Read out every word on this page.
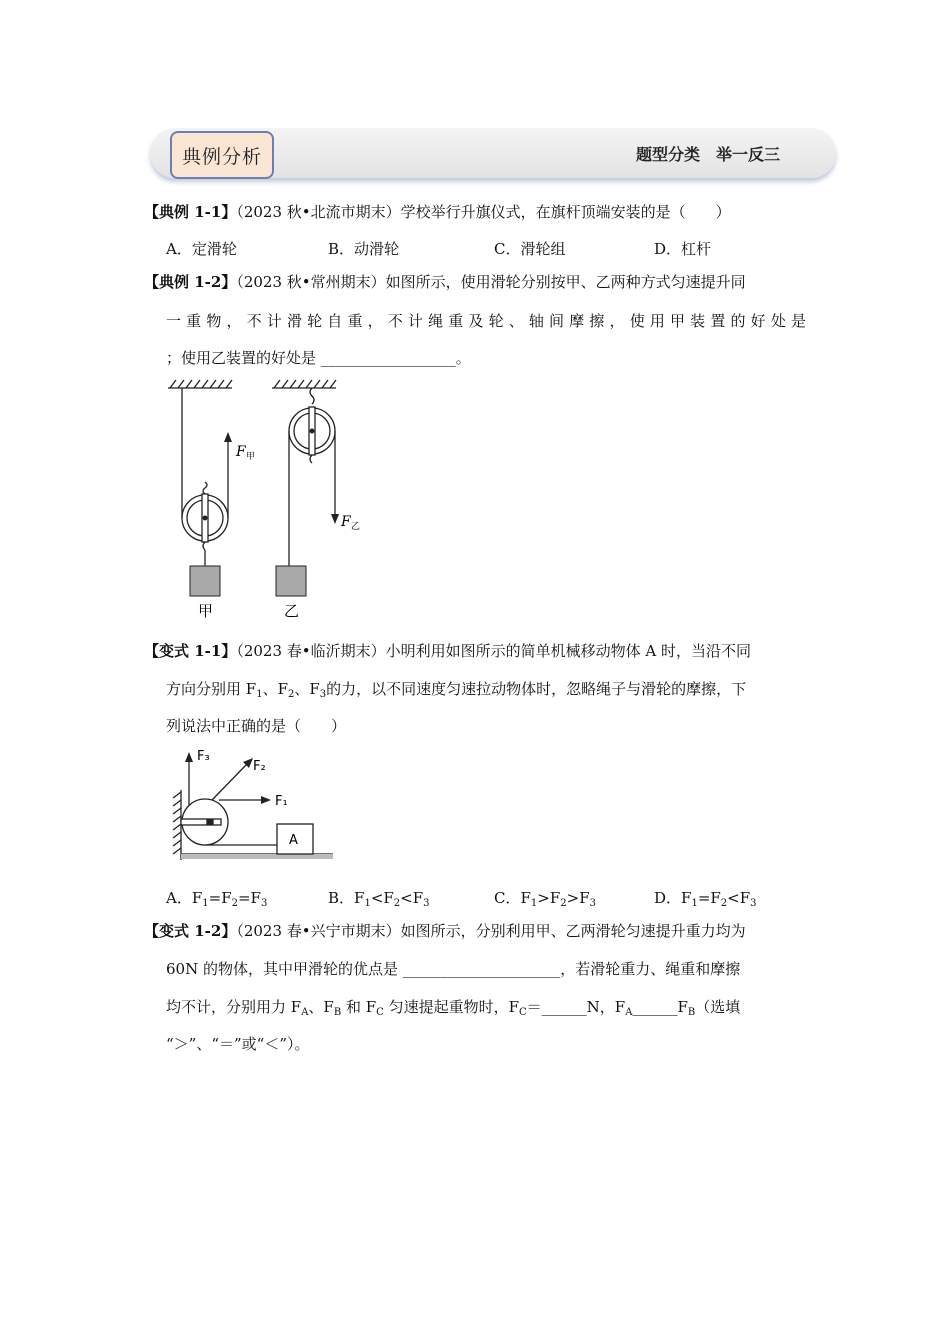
典例分析	题型分类　举一反三
【典例 1-1】（2023 秋•北流市期末）学校举行升旗仪式，在旗杆顶端安装的是（　　）
A．定滑轮	B．动滑轮	C．滑轮组	D．杠杆
【典例 1-2】（2023 秋•常州期末）如图所示，使用滑轮分别按甲、乙两种方式匀速提升同
一重物，不计滑轮自重，不计绳重及轮、轴间摩擦，使用甲装置的好处是
；使用乙装置的好处是 __________________。
F 甲
甲
F 乙
乙
【变式 1-1】（2023 春•临沂期末）小明利用如图所示的简单机械移动物体 A 时，当沿不同
方向分别用 $F_1$、$F_2$、$F_3$的力，以不同速度匀速拉动物体时，忽略绳子与滑轮的摩擦，下
列说法中正确的是（　　）
F₃
F₂
F₁
A
A．$F_1=F_2=F_3$	B．$F_1<F_2<F_3$	C．$F_1>F_2>F_3$	D．$F_1=F_2<F_3$
【变式 1-2】（2023 春•兴宁市期末）如图所示，分别利用甲、乙两滑轮匀速提升重力均为
60N 的物体，其中甲滑轮的优点是 _____________________，若滑轮重力、绳重和摩擦
均不计，分别用力 $F_A$、$F_B$ 和 $F_C$ 匀速提起重物时，$F_C=\_\_\_\_\_\_N$，$F_A\_\_\_\_\_\_F_B$（选填
“＞”、“＝”或“＜”）。
